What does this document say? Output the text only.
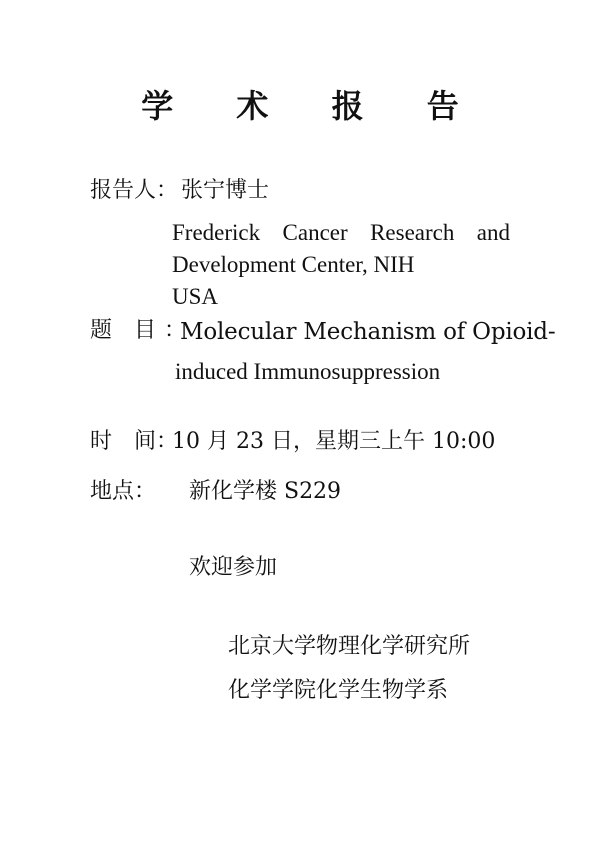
学 术 报 告
报告人： 张宁博士
Frederick Cancer Research and
Development Center, NIH
USA
题　目 ：
Molecular Mechanism of Opioid-
induced Immunosuppression
时　间：
10 月 23 日，星期三上午 10:00
地点： 新化学楼 S229
欢迎参加
北京大学物理化学研究所
化学学院化学生物学系
